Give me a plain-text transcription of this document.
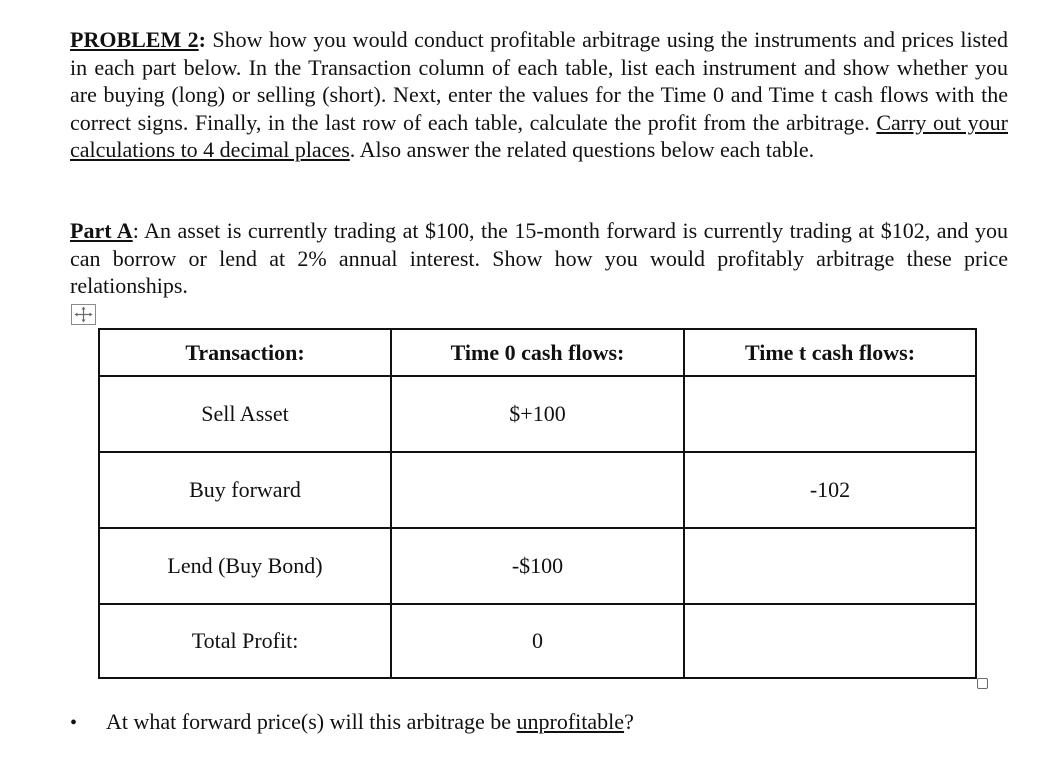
PROBLEM 2: Show how you would conduct profitable arbitrage using the instruments and prices listed in each part below. In the Transaction column of each table, list each instrument and show whether you are buying (long) or selling (short). Next, enter the values for the Time 0 and Time t cash flows with the correct signs. Finally, in the last row of each table, calculate the profit from the arbitrage. Carry out your calculations to 4 decimal places. Also answer the related questions below each table.

Part A: An asset is currently trading at $100, the 15-month forward is currently trading at $102, and you can borrow or lend at 2% annual interest. Show how you would profitably arbitrage these price relationships.

Transaction:	Time 0 cash flows:	Time t cash flows:
Sell Asset	$+100	
Buy forward		-102
Lend (Buy Bond)	-$100	
Total Profit:	0	
• At what forward price(s) will this arbitrage be unprofitable?
